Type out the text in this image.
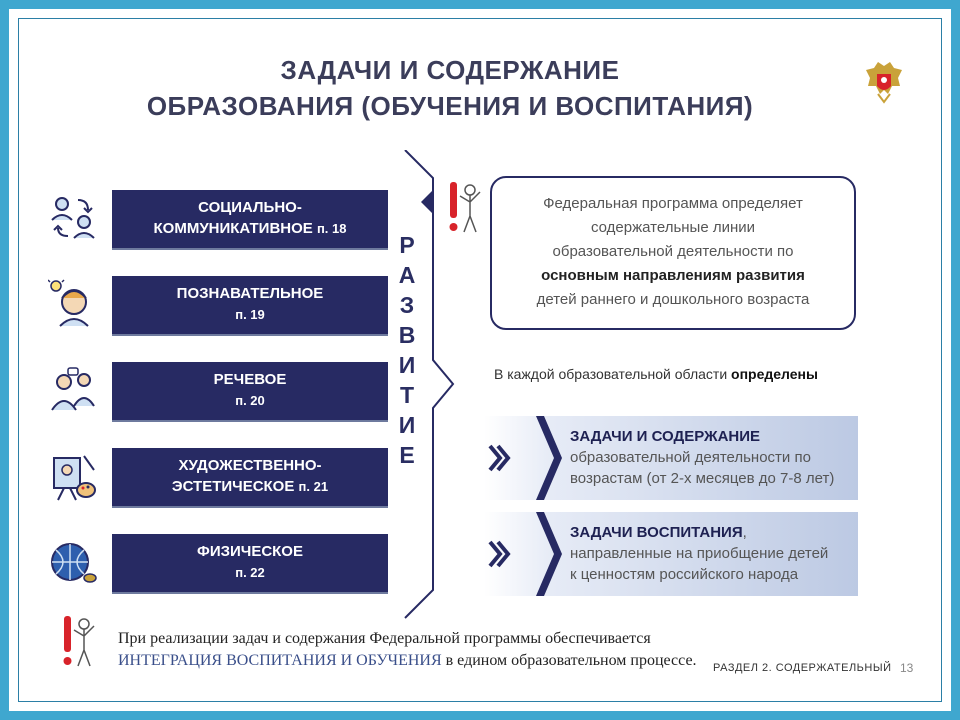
ЗАДАЧИ И СОДЕРЖАНИЕ
ОБРАЗОВАНИЯ (ОБУЧЕНИЯ И ВОСПИТАНИЯ)
СОЦИАЛЬНО-
КОММУНИКАТИВНОЕ п. 18
ПОЗНАВАТЕЛЬНОЕ
п. 19
РЕЧЕВОЕ
п. 20
ХУДОЖЕСТВЕННО-
ЭСТЕТИЧЕСКОЕ п. 21
ФИЗИЧЕСКОЕ
п. 22
Р
А
З
В
И
Т
И
Е
Федеральная программа определяет
содержательные линии
образовательной деятельности по
основным направлениям развития
детей раннего и дошкольного возраста
В каждой образовательной области определены
ЗАДАЧИ И СОДЕРЖАНИЕ
образовательной деятельности по
возрастам (от 2-х месяцев до 7-8 лет)
ЗАДАЧИ ВОСПИТАНИЯ,
направленные на приобщение детей
к ценностям российского народа
При реализации задач и содержания Федеральной программы обеспечивается ИНТЕГРАЦИЯ ВОСПИТАНИЯ И ОБУЧЕНИЯ в едином образовательном процессе.	РАЗДЕЛ 2. СОДЕРЖАТЕЛЬНЫЙ 13
